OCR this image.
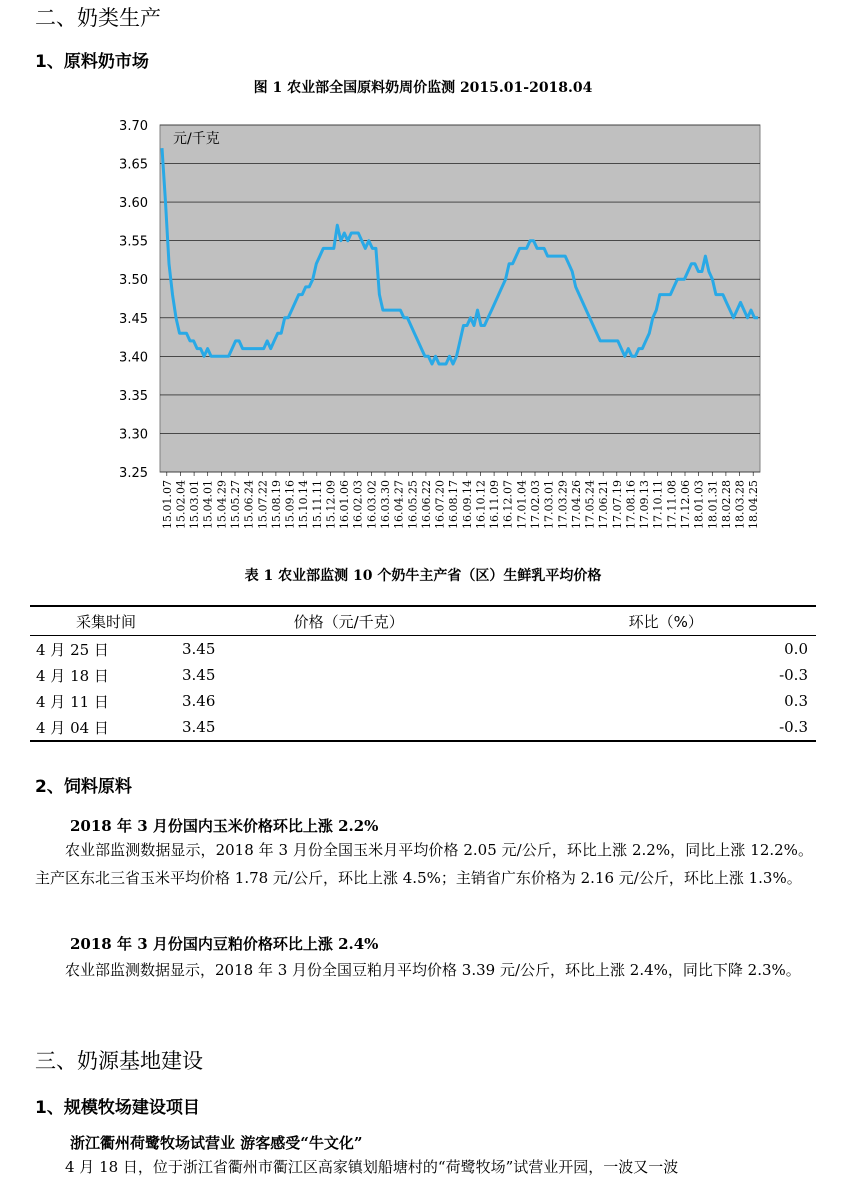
二、奶类生产
1、原料奶市场
图 1 农业部全国原料奶周价监测 2015.01-2018.04
3.70
3.65
3.60
3.55
3.50
3.45
3.40
3.35
3.30
3.25
15.01.07 15.02.04 15.03.01 15.04.01 15.04.29 15.05.27 15.06.24 15.07.22 15.08.19 15.09.16 15.10.14 15.11.11 15.12.09 16.01.06 16.02.03 16.03.02 16.03.30 16.04.27 16.05.25 16.06.22 16.07.20 16.08.17 16.09.14 16.10.12 16.11.09 16.12.07 17.01.04 17.02.03 17.03.01 17.03.29 17.04.26 17.05.24 17.06.21 17.07.19 17.08.16 17.09.13 17.10.11 17.11.08 17.12.06 18.01.03 18.01.31 18.02.28 18.03.28 18.04.25
元/千克
表 1 农业部监测 10 个奶牛主产省（区）生鲜乳平均价格
采集时间	价格（元/千克）	环比（%）
4 月 25 日	3.45	0.0
4 月 18 日	3.45	-0.3
4 月 11 日	3.46	0.3
4 月 04 日	3.45	-0.3
2、饲料原料
2018 年 3 月份国内玉米价格环比上涨 2.2%

农业部监测数据显示，2018 年 3 月份全国玉米月平均价格 2.05 元/公斤，环比上涨 2.2%，同比上涨 12.2%。主产区东北三省玉米平均价格 1.78 元/公斤，环比上涨 4.5%；主销省广东价格为 2.16 元/公斤，环比上涨 1.3%。

2018 年 3 月份国内豆粕价格环比上涨 2.4%

农业部监测数据显示，2018 年 3 月份全国豆粕月平均价格 3.39 元/公斤，环比上涨 2.4%，同比下降 2.3%。

三、奶源基地建设
1、规模牧场建设项目
浙江衢州荷鹭牧场试营业 游客感受“牛文化”

4 月 18 日，位于浙江省衢州市衢江区高家镇划船塘村的“荷鹭牧场”试营业开园，一波又一波
